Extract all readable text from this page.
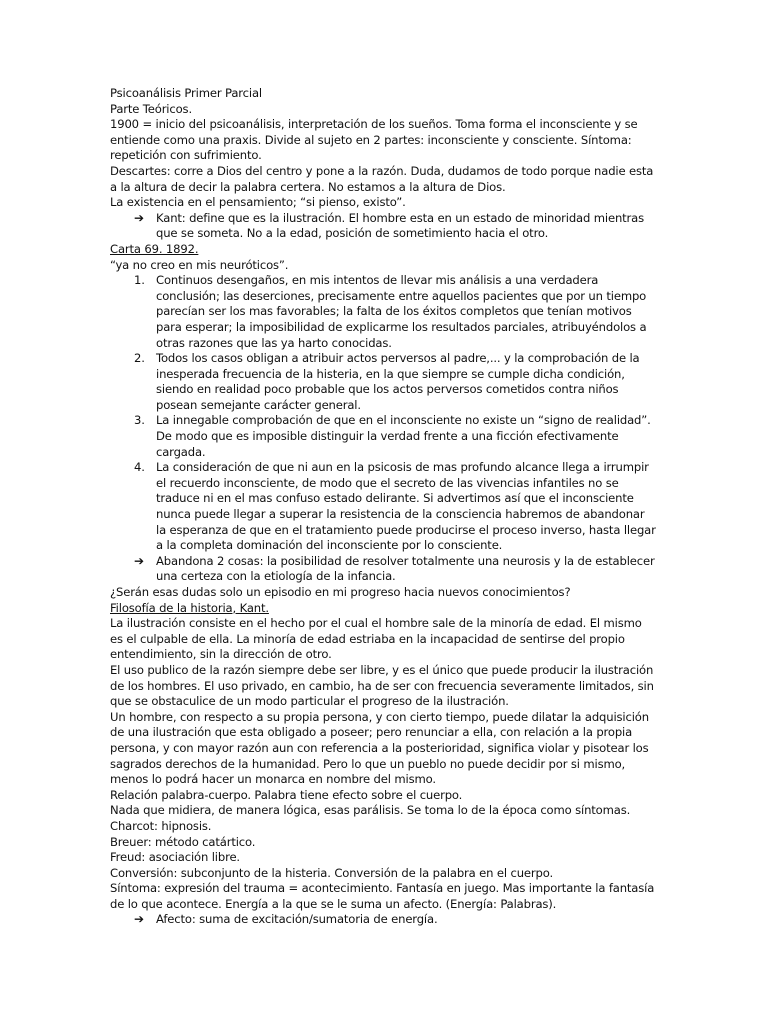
Psicoanálisis Primer Parcial

Parte Teóricos.

1900 = inicio del psicoanálisis, interpretación de los sueños. Toma forma el inconsciente y se entiende como una praxis. Divide al sujeto en 2 partes: inconsciente y consciente. Síntoma: repetición con sufrimiento.

Descartes: corre a Dios del centro y pone a la razón. Duda, dudamos de todo porque nadie esta a la altura de decir la palabra certera. No estamos a la altura de Dios.

La existencia en el pensamiento; “si pienso, existo”.

➔	Kant: define que es la ilustración. El hombre esta en un estado de minoridad mientras que se someta. No a la edad, posición de sometimiento hacia el otro.

Carta 69. 1892.

“ya no creo en mis neuróticos”.

1. Continuos desengaños, en mis intentos de llevar mis análisis a una verdadera conclusión; las deserciones, precisamente entre aquellos pacientes que por un tiempo parecían ser los mas favorables; la falta de los éxitos completos que tenían motivos para esperar; la imposibilidad de explicarme los resultados parciales, atribuyéndolos a otras razones que las ya harto conocidas.
2. Todos los casos obligan a atribuir actos perversos al padre,... y la comprobación de la inesperada frecuencia de la histeria, en la que siempre se cumple dicha condición, siendo en realidad poco probable que los actos perversos cometidos contra niños posean semejante carácter general.
3. La innegable comprobación de que en el inconsciente no existe un “signo de realidad”. De modo que es imposible distinguir la verdad frente a una ficción efectivamente cargada.
4. La consideración de que ni aun en la psicosis de mas profundo alcance llega a irrumpir el recuerdo inconsciente, de modo que el secreto de las vivencias infantiles no se traduce ni en el mas confuso estado delirante. Si advertimos así que el inconsciente nunca puede llegar a superar la resistencia de la consciencia habremos de abandonar la esperanza de que en el tratamiento puede producirse el proceso inverso, hasta llegar a la completa dominación del inconsciente por lo consciente.
➔	Abandona 2 cosas: la posibilidad de resolver totalmente una neurosis y la de establecer una certeza con la etiología de la infancia.

¿Serán esas dudas solo un episodio en mi progreso hacia nuevos conocimientos?

Filosofía de la historia, Kant.

La ilustración consiste en el hecho por el cual el hombre sale de la minoría de edad. El mismo es el culpable de ella. La minoría de edad estriaba en la incapacidad de sentirse del propio entendimiento, sin la dirección de otro.

El uso publico de la razón siempre debe ser libre, y es el único que puede producir la ilustración de los hombres. El uso privado, en cambio, ha de ser con frecuencia severamente limitados, sin que se obstaculice de un modo particular el progreso de la ilustración.

Un hombre, con respecto a su propia persona, y con cierto tiempo, puede dilatar la adquisición de una ilustración que esta obligado a poseer; pero renunciar a ella, con relación a la propia persona, y con mayor razón aun con referencia a la posterioridad, significa violar y pisotear los sagrados derechos de la humanidad. Pero lo que un pueblo no puede decidir por si mismo, menos lo podrá hacer un monarca en nombre del mismo.

Relación palabra-cuerpo. Palabra tiene efecto sobre el cuerpo.

Nada que midiera, de manera lógica, esas parálisis. Se toma lo de la época como síntomas.

Charcot: hipnosis.

Breuer: método catártico.

Freud: asociación libre.

Conversión: subconjunto de la histeria. Conversión de la palabra en el cuerpo.

Síntoma: expresión del trauma = acontecimiento. Fantasía en juego. Mas importante la fantasía de lo que acontece. Energía a la que se le suma un afecto. (Energía: Palabras).

➔	Afecto: suma de excitación/sumatoria de energía.
